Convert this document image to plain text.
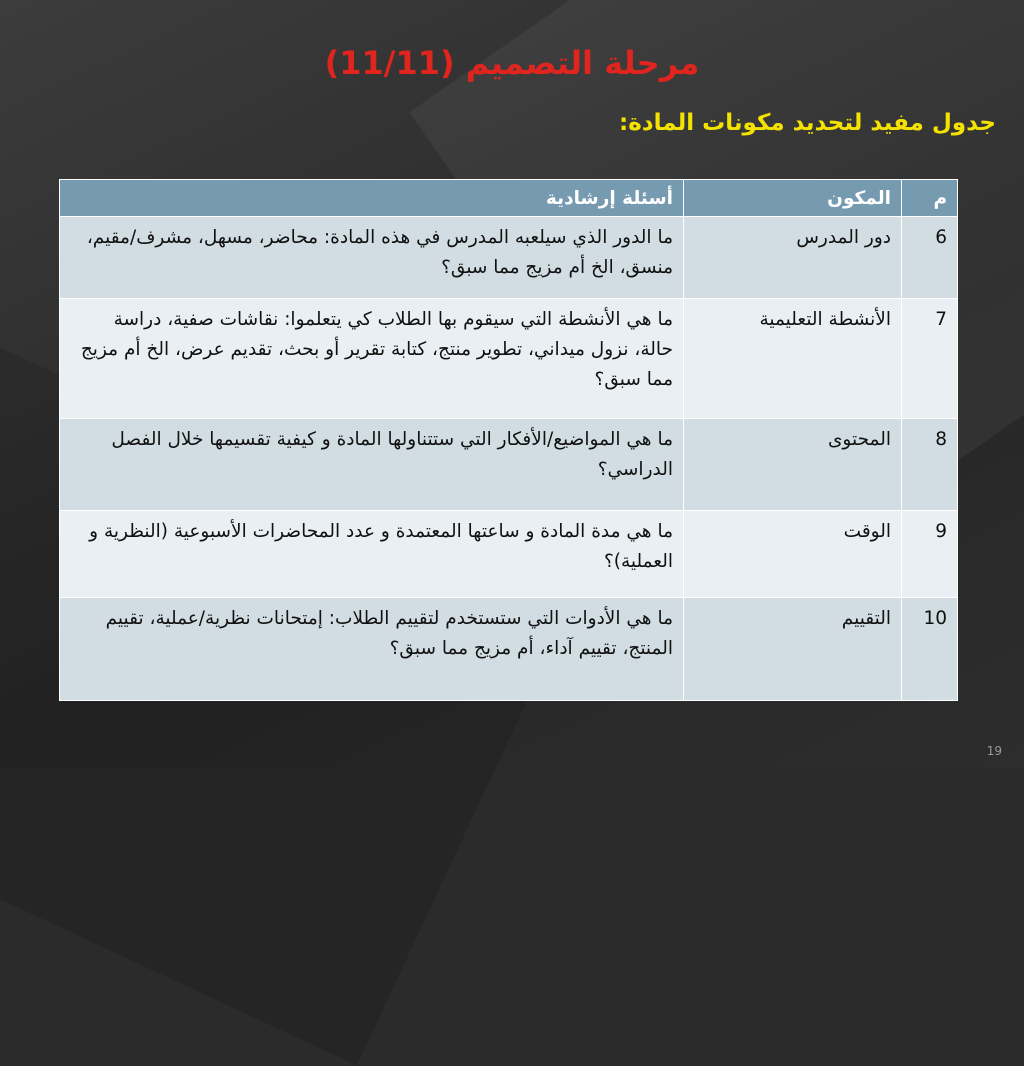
مرحلة التصميم (11/11)
جدول مفيد لتحديد مكونات المادة:
م	المكون	أسئلة إرشادية
6	دور المدرس	ما الدور الذي سيلعبه المدرس في هذه المادة: محاضر، مسهل، مشرف/مقيم، منسق، الخ أم مزيج مما سبق؟
7	الأنشطة التعليمية	ما هي الأنشطة التي سيقوم بها الطلاب كي يتعلموا: نقاشات صفية، دراسة حالة، نزول ميداني، تطوير منتج، كتابة تقرير أو بحث، تقديم عرض، الخ أم مزيج مما سبق؟
8	المحتوى	ما هي المواضيع/الأفكار التي ستتناولها المادة و كيفية تقسيمها خلال الفصل الدراسي؟
9	الوقت	ما هي مدة المادة و ساعتها المعتمدة و عدد المحاضرات الأسبوعية (النظرية و العملية)؟
10	التقييم	ما هي الأدوات التي ستستخدم لتقييم الطلاب: إمتحانات نظرية/عملية، تقييم المنتج، تقييم آداء، أم مزيج مما سبق؟
19
